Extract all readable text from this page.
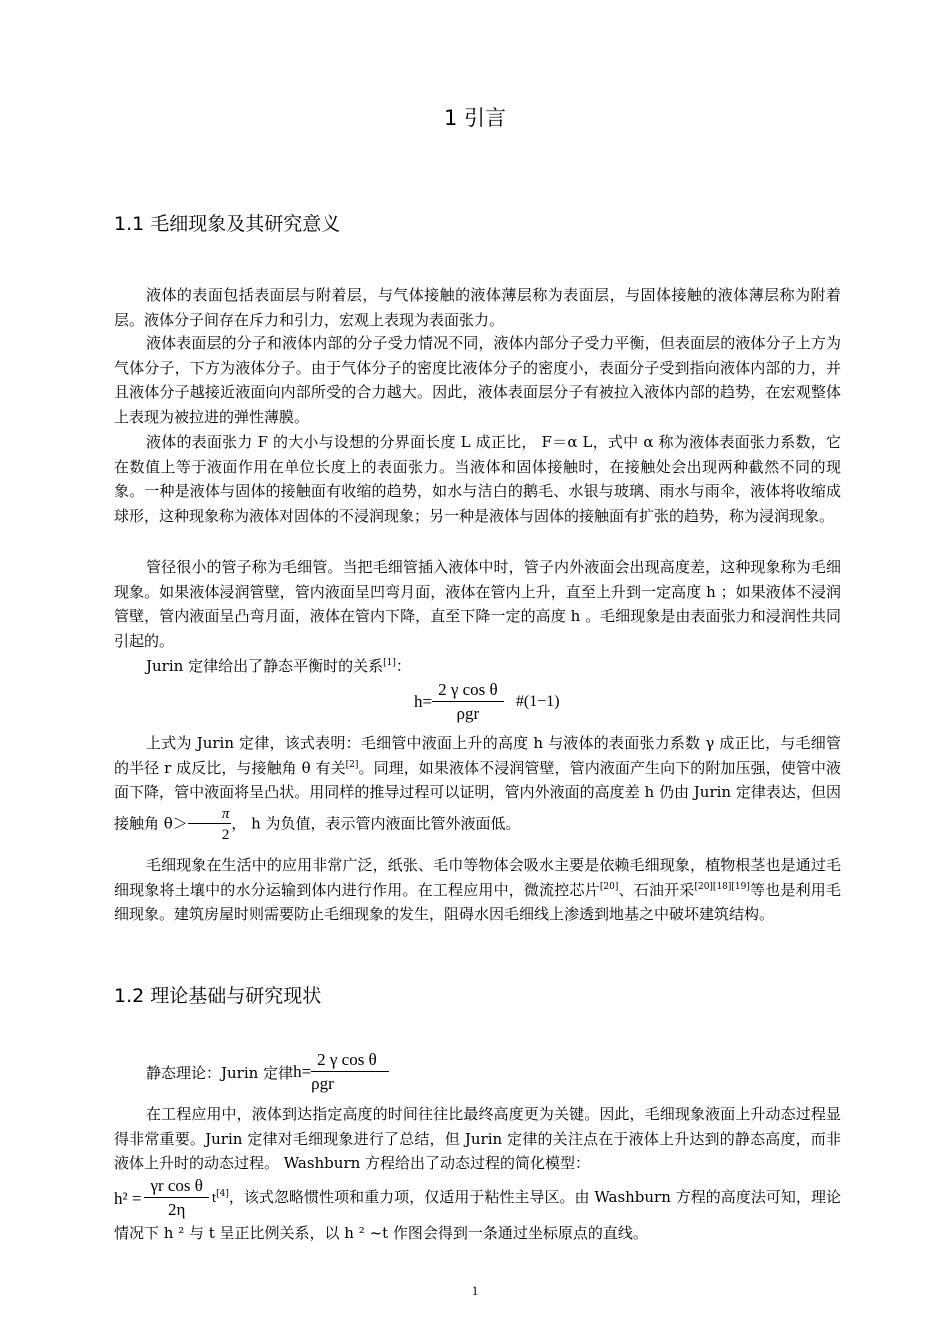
1 引言
1.1 毛细现象及其研究意义

液体的表面包括表面层与附着层，与气体接触的液体薄层称为表面层，与固体接触的液体薄层称为附着层。液体分子间存在斥力和引力，宏观上表现为表面张力。

液体表面层的分子和液体内部的分子受力情况不同，液体内部分子受力平衡，但表面层的液体分子上方为气体分子，下方为液体分子。由于气体分子的密度比液体分子的密度小，表面分子受到指向液体内部的力，并且液体分子越接近液面向内部所受的合力越大。因此，液体表面层分子有被拉入液体内部的趋势，在宏观整体上表现为被拉进的弹性薄膜。

液体的表面张力 F 的大小与设想的分界面长度 L 成正比， F＝α L，式中 α 称为液体表面张力系数，它在数值上等于液面作用在单位长度上的表面张力。当液体和固体接触时，在接触处会出现两种截然不同的现象。一种是液体与固体的接触面有收缩的趋势，如水与洁白的鹅毛、水银与玻璃、雨水与雨伞，液体将收缩成球形，这种现象称为液体对固体的不浸润现象；另一种是液体与固体的接触面有扩张的趋势，称为浸润现象。

管径很小的管子称为毛细管。当把毛细管插入液体中时，管子内外液面会出现高度差，这种现象称为毛细现象。如果液体浸润管壁，管内液面呈凹弯月面，液体在管内上升，直至上升到一定高度 h ；如果液体不浸润管壁，管内液面呈凸弯月面，液体在管内下降，直至下降一定的高度 h 。毛细现象是由表面张力和浸润性共同引起的。

Jurin 定律给出了静态平衡时的关系[1]：

$h= \frac{\text{2 γ cos θ}}{\text{ρgr}}$ #(1−1)

上式为 Jurin 定律，该式表明：毛细管中液面上升的高度 h 与液体的表面张力系数 γ 成正比，与毛细管的半径 r 成反比，与接触角 θ 有关[2]。同理，如果液体不浸润管壁，管内液面产生向下的附加压强，使管中液面下降，管中液面将呈凸状。用同样的推导过程可以证明，管内外液面的高度差 h 仍由 Jurin 定律表达，但因接触角 $\theta> \frac{\pi}{2}$ ， h 为负值，表示管内液面比管外液面低。

毛细现象在生活中的应用非常广泛，纸张、毛巾等物体会吸水主要是依赖毛细现象，植物根茎也是通过毛细现象将土壤中的水分运输到体内进行作用。在工程应用中，微流控芯片[20]、石油开采[20][18][19]等也是利用毛细现象。建筑房屋时则需要防止毛细现象的发生，阻碍水因毛细线上渗透到地基之中破坏建筑结构。

1.2 理论基础与研究现状
静态理论：Jurin 定律$h= \frac{\text{2 γ cos θ}}{\text{ρgr}}$

在工程应用中，液体到达指定高度的时间往往比最终高度更为关键。因此，毛细现象液面上升动态过程显得非常重要。Jurin 定律对毛细现象进行了总结，但 Jurin 定律的关注点在于液体上升达到的静态高度，而非液体上升时的动态过程。 Washburn 方程给出了动态过程的简化模型：

$h^2 = \frac{\text{γr cos θ}}{2\eta} t[4]$，该式忽略惯性项和重力项，仅适用于粘性主导区。由 Washburn 方程的高度法可知，理论情况下 h ² 与 t 呈正比例关系，以 h ² ~t 作图会得到一条通过坐标原点的直线。

1
